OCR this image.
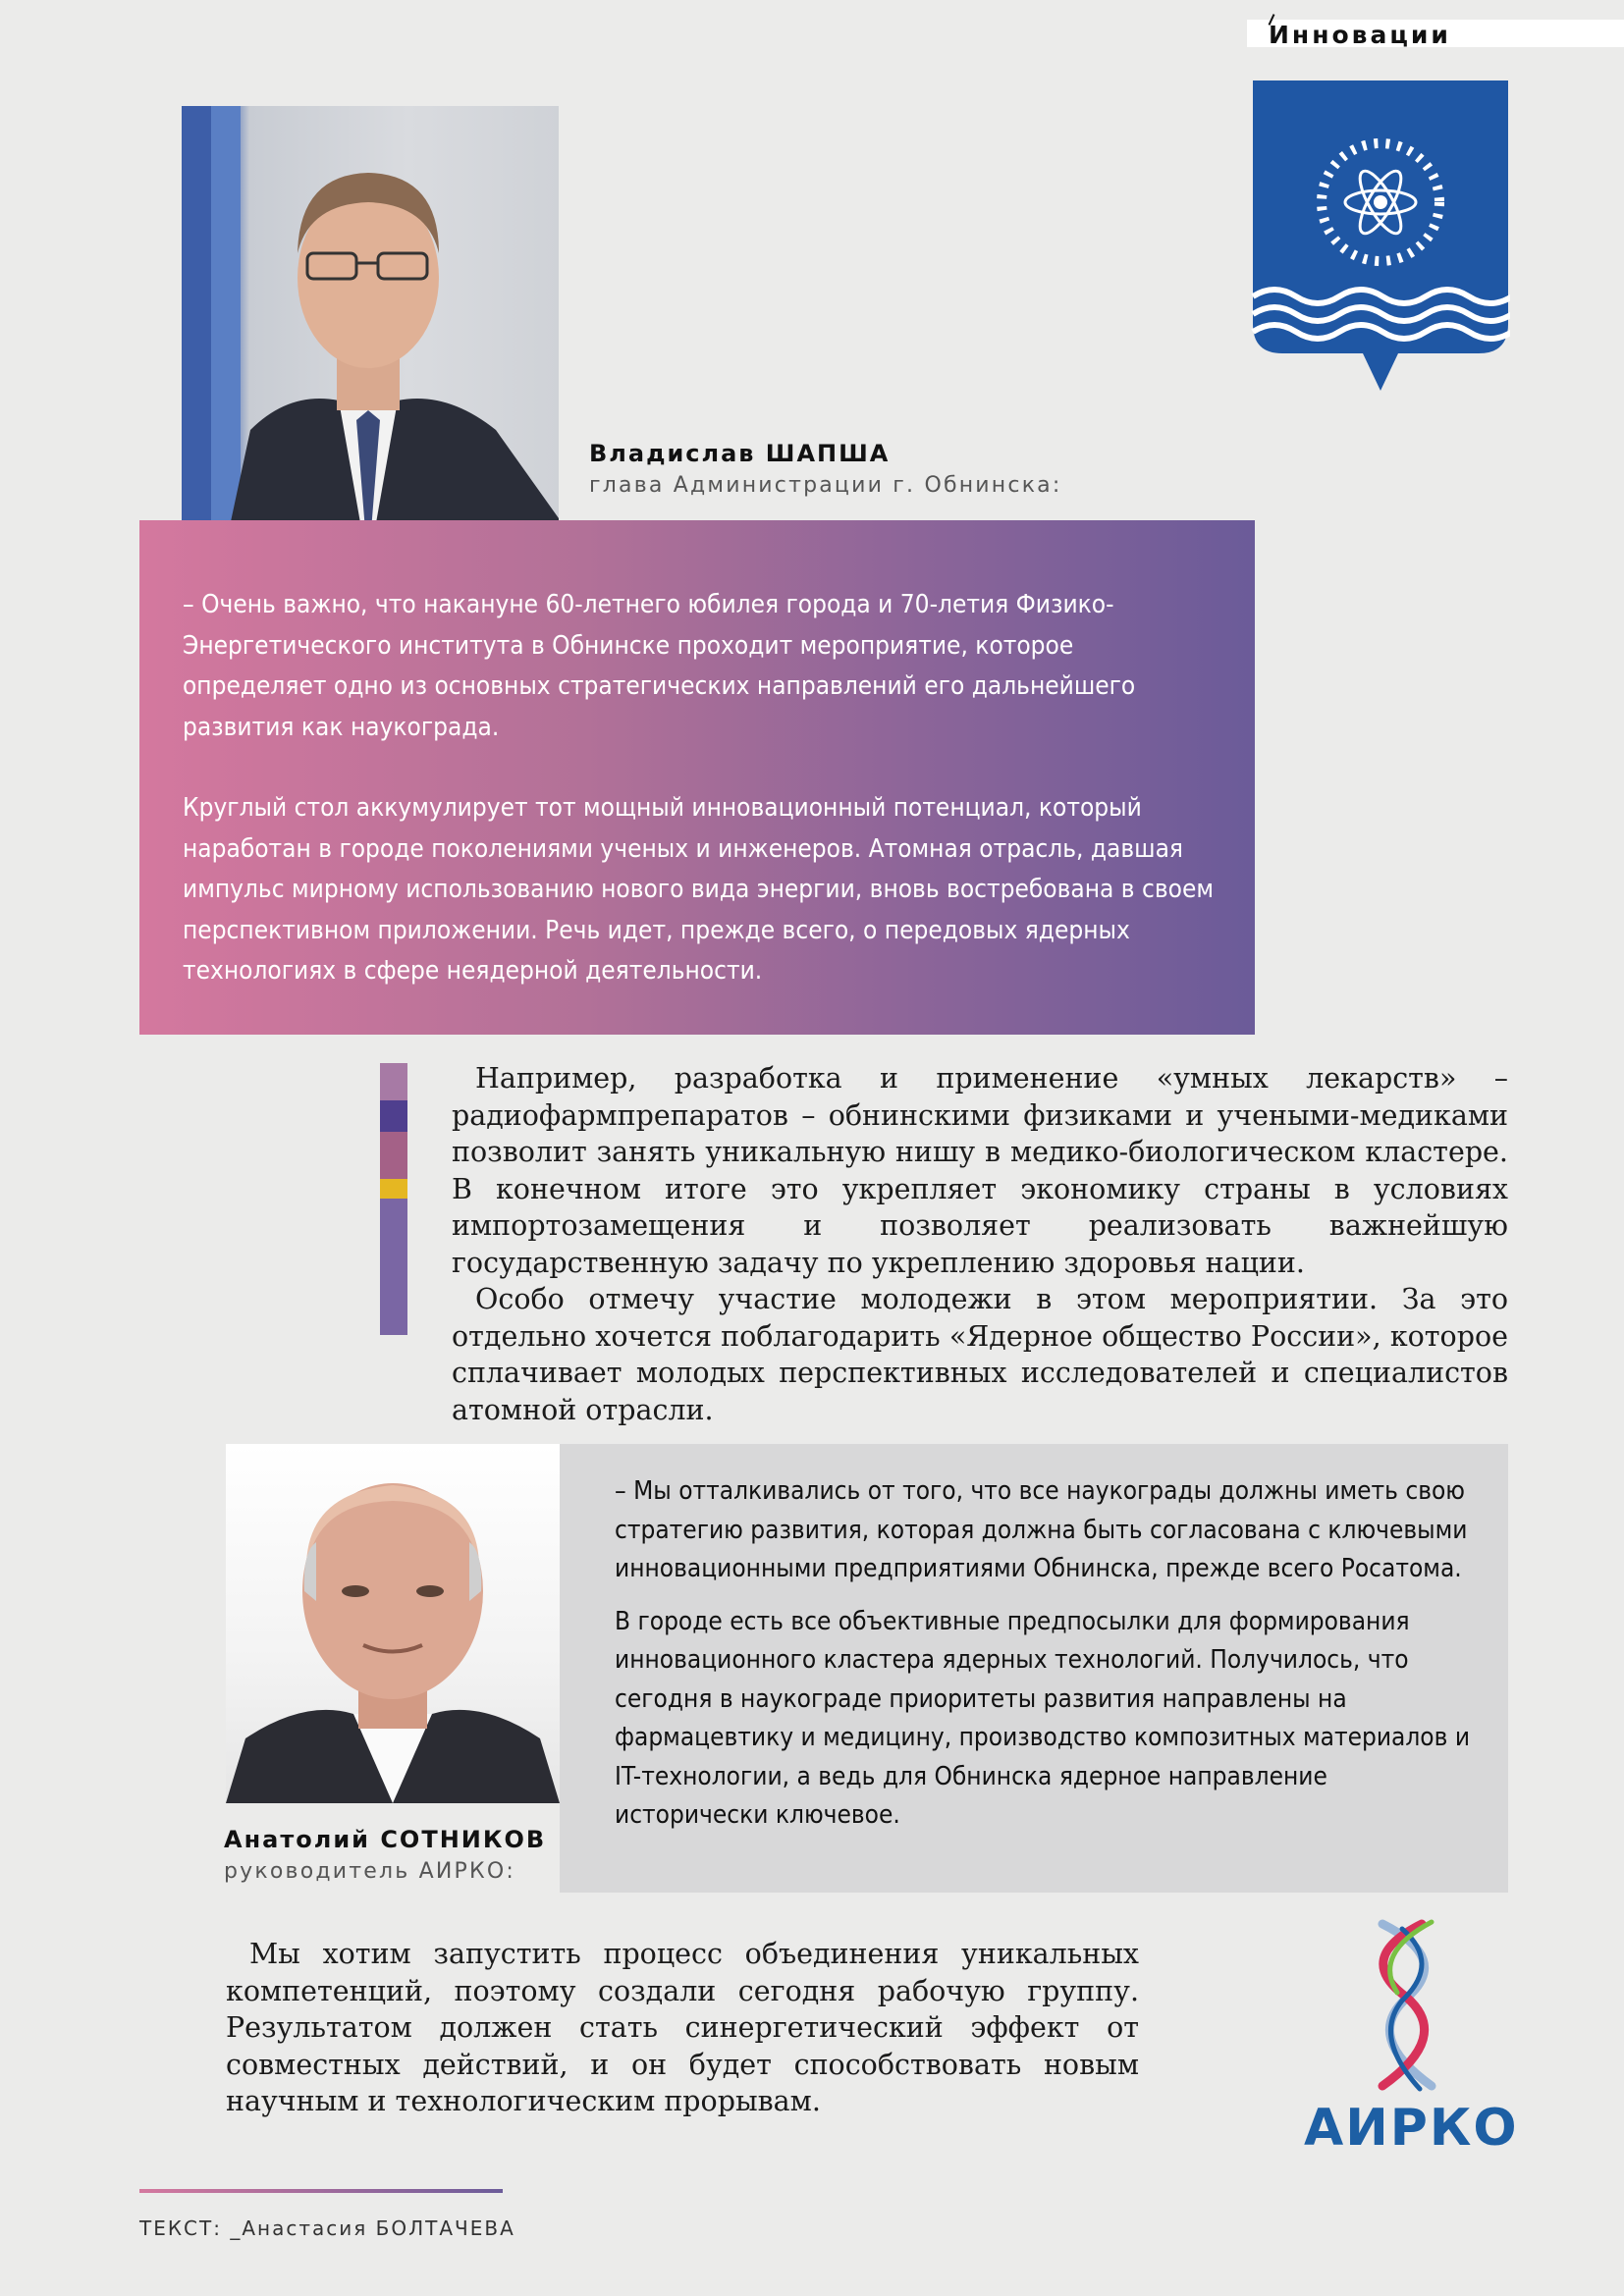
Инновации
Владислав ШАПША
глава Администрации г. Обнинска:

– Очень важно, что накануне 60-летнего юбилея города и 70-летия Физико-Энергетического института в Обнинске проходит мероприятие, которое определяет одно из основных стратегических направлений его дальнейшего развития как наукограда.

Круглый стол аккумулирует тот мощный инновационный потенциал, который наработан в городе поколениями ученых и инженеров. Атомная отрасль, давшая импульс мирному использованию нового вида энергии, вновь востребована в своем перспективном приложении. Речь идет, прежде всего, о передовых ядерных технологиях в сфере неядерной деятельности.

Например, разработка и применение «умных лекарств» – радиофармпрепаратов – обнинскими физиками и учеными-медиками позволит занять уникальную нишу в медико-биологическом кластере. В конечном итоге это укрепляет экономику страны в условиях импортозамещения и позволяет реализовать важнейшую государственную задачу по укреплению здоровья нации.

Особо отмечу участие молодежи в этом мероприятии. За это отдельно хочется поблагодарить «Ядерное общество России», которое сплачивает молодых перспективных исследователей и специалистов атомной отрасли.

– Мы отталкивались от того, что все наукограды должны иметь свою стратегию развития, которая должна быть согласована с ключевыми инновационными предприятиями Обнинска, прежде всего Росатома.

В городе есть все объективные предпосылки для формирования инновационного кластера ядерных технологий. Получилось, что сегодня в наукограде приоритеты развития направлены на фармацевтику и медицину, производство композитных материалов и IT-технологии, а ведь для Обнинска ядерное направление исторически ключевое.

Анатолий СОТНИКОВ
руководитель АИРКО:

Мы хотим запустить процесс объединения уникальных компетенций, поэтому создали сегодня рабочую группу. Результатом должен стать синергетический эффект от совместных действий, и он будет способствовать новым научным и технологическим прорывам.	АИРКО
ТЕКСТ: _Анастасия БОЛТАЧЕВА
